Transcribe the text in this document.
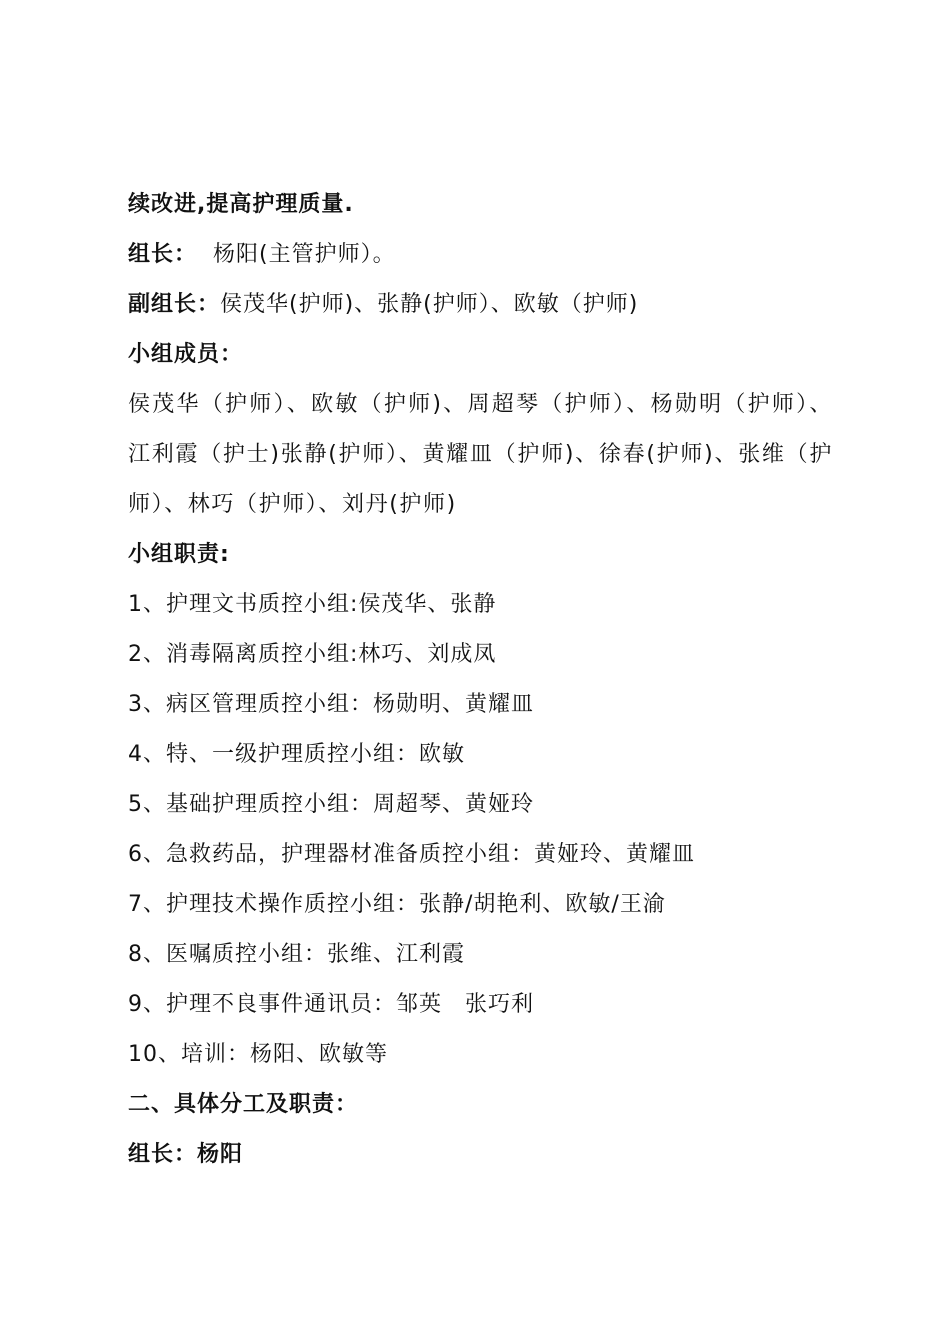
续改进,提高护理质量.
组长： 杨阳(主管护师）。
副组长：侯茂华(护师)、张静(护师）、欧敏（护师)
小组成员：
侯茂华（护师）、欧敏（护师)、周超琴（护师）、杨勋明（护师）、江利霞（护士)张静(护师）、黄耀皿（护师)、徐春(护师)、张维（护师）、林巧（护师）、刘丹(护师)
小组职责:
1、护理文书质控小组:侯茂华、张静
2、消毒隔离质控小组:林巧、刘成凤
3、病区管理质控小组：杨勋明、黄耀皿
4、特、一级护理质控小组：欧敏
5、基础护理质控小组：周超琴、黄娅玲
6、急救药品，护理器材准备质控小组：黄娅玲、黄耀皿
7、护理技术操作质控小组：张静/胡艳利、欧敏/王渝
8、医嘱质控小组：张维、江利霞
9、护理不良事件通讯员：邹英　张巧利
10、培训：杨阳、欧敏等
二、具体分工及职责：
组长：杨阳
